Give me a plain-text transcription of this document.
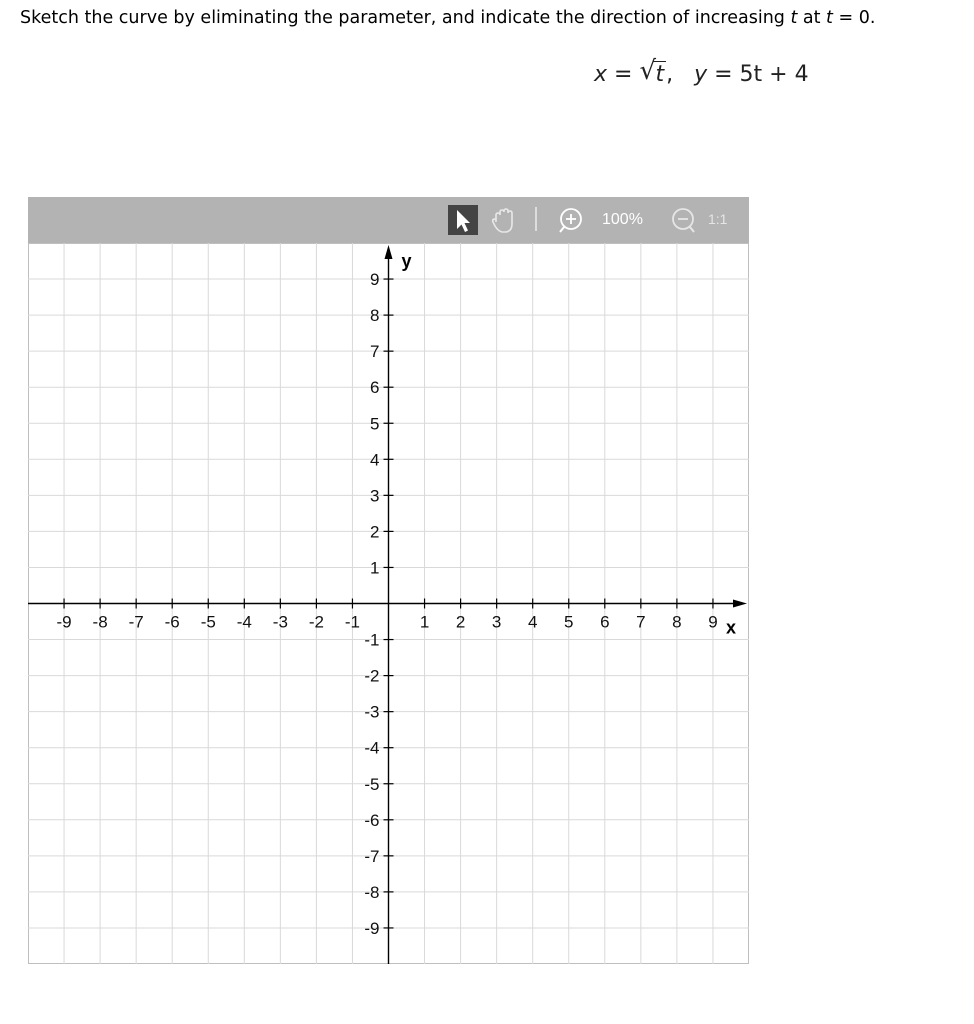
Sketch the curve by eliminating the parameter, and indicate the direction of increasing t at t = 0.
x = √ t, y = 5t + 4
100%	1:1
-9 -8 -7 -6 -5 -4 -3 -2 -1	1 2 3 4 5 6 7 8 9
9
8
7
6
5
4
3
2
1
-1
-2
-3
-4
-5
-6
-7
-8
-9
x
y
